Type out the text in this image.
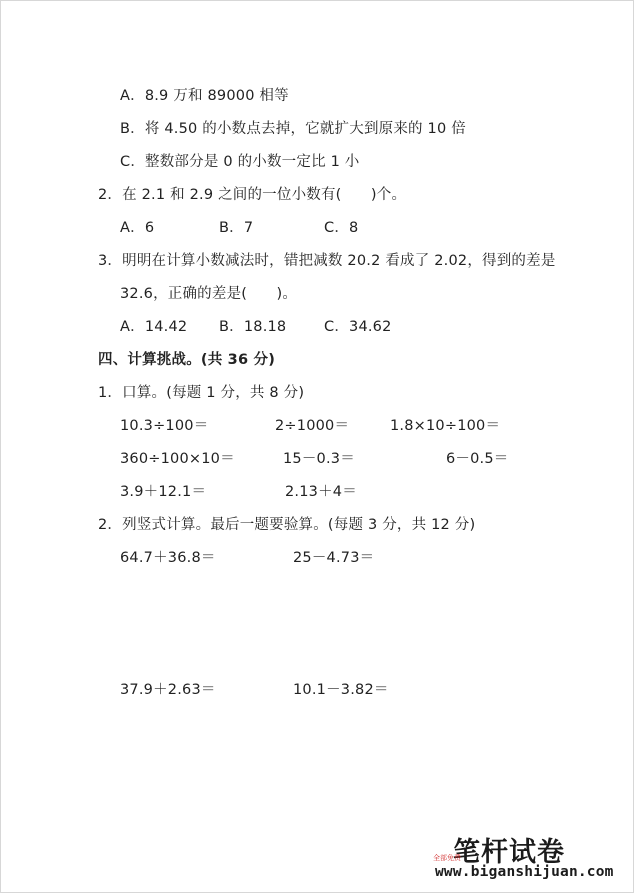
A．8.9 万和 89000 相等
B．将 4.50 的小数点去掉，它就扩大到原来的 10 倍
C．整数部分是 0 的小数一定比 1 小
2．在 2.1 和 2.9 之间的一位小数有(　　)个。
A．6	B．7	C．8
3．明明在计算小数减法时，错把减数 20.2 看成了 2.02，得到的差是
32.6，正确的差是(　　)。
A．14.42 B．18.18	C．34.62
四、计算挑战。(共 36 分)
1．口算。(每题 1 分，共 8 分)
10.3÷100＝	2÷1000＝	1.8×10÷100＝
360÷100×10＝	15－0.3＝	6－0.5＝
3.9＋12.1＝	2.13＋4＝
2．列竖式计算。最后一题要验算。(每题 3 分，共 12 分)
64.7＋36.8＝	25－4.73＝
37.9＋2.63＝	10.1－3.82＝
笔杆试卷
全部免费
www.biganshijuan.com
